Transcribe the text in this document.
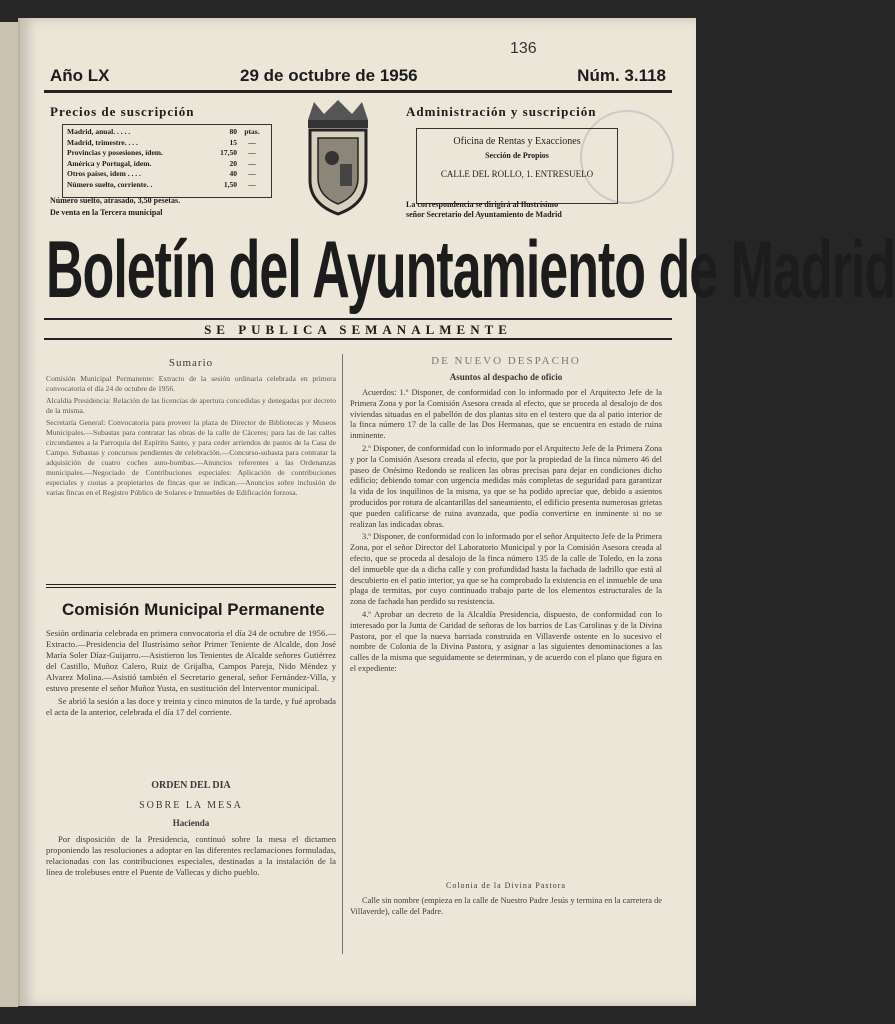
136
Año LX	29 de octubre de 1956	Núm. 3.118
Precios de suscripción
Madrid, anual. . . . .	80 ptas.
Madrid, trimestre. . . .	15	—
Provincias y posesiones, ídem.	17,50	—
América y Portugal, ídem.	20	—
Otros países, ídem . . . .	40	—
Número suelto, corriente. .	1,50	—
Número suelto, atrasado, 3,50 pesetas.
De venta en la Tercera municipal
Administración y suscripción
Oficina de Rentas y Exacciones
Sección de Propios
CALLE DEL ROLLO, 1. ENTRESUELO
La correspondencia se dirigirá al Ilustrísimo
señor Secretario del Ayuntamiento de Madrid
Boletín del Ayuntamiento de Madrid
SE PUBLICA SEMANALMENTE
Sumario

Comisión Municipal Permanente: Extracto de la sesión ordinaria celebrada en primera convocatoria el día 24 de octubre de 1956.

Alcaldía Presidencia: Relación de las licencias de apertura concedidas y denegadas por decreto de la misma.

Secretaría General: Convocatoria para proveer la plaza de Director de Bibliotecas y Museos Municipales.—Subastas para contratar las obras de la calle de Cáceres; para las de las calles circundantes a la Parroquia del Espíritu Santo, y para ceder arriendos de pastos de la Casa de Campo. Subastas y concursos pendientes de celebración.—Concurso-subasta para contratar la adquisición de cuatro coches auto-bombas.—Anuncios referentes a las Ordenanzas municipales.—Negociado de Contribuciones especiales: Aplicación de contribuciones especiales y cuotas a propietarios de fincas que se indican.—Anuncios sobre inclusión de varias fincas en el Registro Público de Solares e Inmuebles de Edificación forzosa.

Comisión Municipal Permanente

Sesión ordinaria celebrada en primera convocatoria el día 24 de octubre de 1956.—Extracto.—Presidencia del Ilustrísimo señor Primer Teniente de Alcalde, don José María Soler Díaz-Guijarro.—Asistieron los Tenientes de Alcalde señores Gutiérrez del Castillo, Muñoz Calero, Ruiz de Grijalba, Campos Pareja, Nido Méndez y Alvarez Molina.—Asistió también el Secretario general, señor Fernández-Villa, y estuvo presente el señor Muñoz Yusta, en sustitución del Interventor municipal.

Se abrió la sesión a las doce y treinta y cinco minutos de la tarde, y fué aprobada el acta de la anterior, celebrada el día 17 del corriente.

ORDEN DEL DIA
SOBRE LA MESA
Hacienda
Por disposición de la Presidencia, continuó sobre la mesa el dictamen proponiendo las resoluciones a adoptar en las diferentes reclamaciones formuladas, relacionadas con las contribuciones especiales, destinadas a la instalación de la línea de trolebuses entre el Puente de Vallecas y dicho pueblo.
DE NUEVO DESPACHO
Asuntos al despacho de oficio

Acuerdos: 1.º Disponer, de conformidad con lo informado por el Arquitecto Jefe de la Primera Zona y por la Comisión Asesora creada al efecto, que se proceda al desalojo de dos viviendas situadas en el pabellón de dos plantas sito en el testero que da al patio interior de la finca número 17 de la calle de las Dos Hermanas, que se encuentra en estado de ruina inminente.

2.º Disponer, de conformidad con lo informado por el Arquitecto Jefe de la Primera Zona y por la Comisión Asesora creada al efecto, que por la propiedad de la finca número 46 del paseo de Onésimo Redondo se realicen las obras precisas para dejar en condiciones dicho edificio; debiendo tomar con urgencia medidas más completas de seguridad para garantizar la vida de los inquilinos de la misma, ya que se ha podido apreciar que, debido a asientos producidos por rotura de alcantarillas del saneamiento, el edificio presenta numerosas grietas que pueden calificarse de ruina avanzada, que podía convertirse en inminente si no se realizan las indicadas obras.

3.º Disponer, de conformidad con lo informado por el señor Arquitecto Jefe de la Primera Zona, por el señor Director del Laboratorio Municipal y por la Comisión Asesora creada al efecto, que se proceda al desalojo de la finca número 135 de la calle de Toledo, en la zona del inmueble que da a dicha calle y con profundidad hasta la fachada de ladrillo que está al descubierto en el patio interior, ya que se ha comprobado la existencia en el inmueble de una plaga de termitas, por cuyo continuado trabajo parte de los elementos estructurales de la zona de fachada han perdido su resistencia.

4.º Aprobar un decreto de la Alcaldía Presidencia, dispuesto, de conformidad con lo interesado por la Junta de Caridad de señoras de los barrios de Las Carolinas y de la Divina Pastora, por el que la nueva barriada construida en Villaverde ostente en lo sucesivo el nombre de Colonia de la Divina Pastora, y asignar a las siguientes denominaciones a las calles de la misma que seguidamente se determinan, y de acuerdo con el plano que figura en el expediente:

Colonia de la Divina Pastora
Calle sin nombre (empieza en la calle de Nuestro Padre Jesús y termina en la carretera de Villaverde), calle del Padre.
